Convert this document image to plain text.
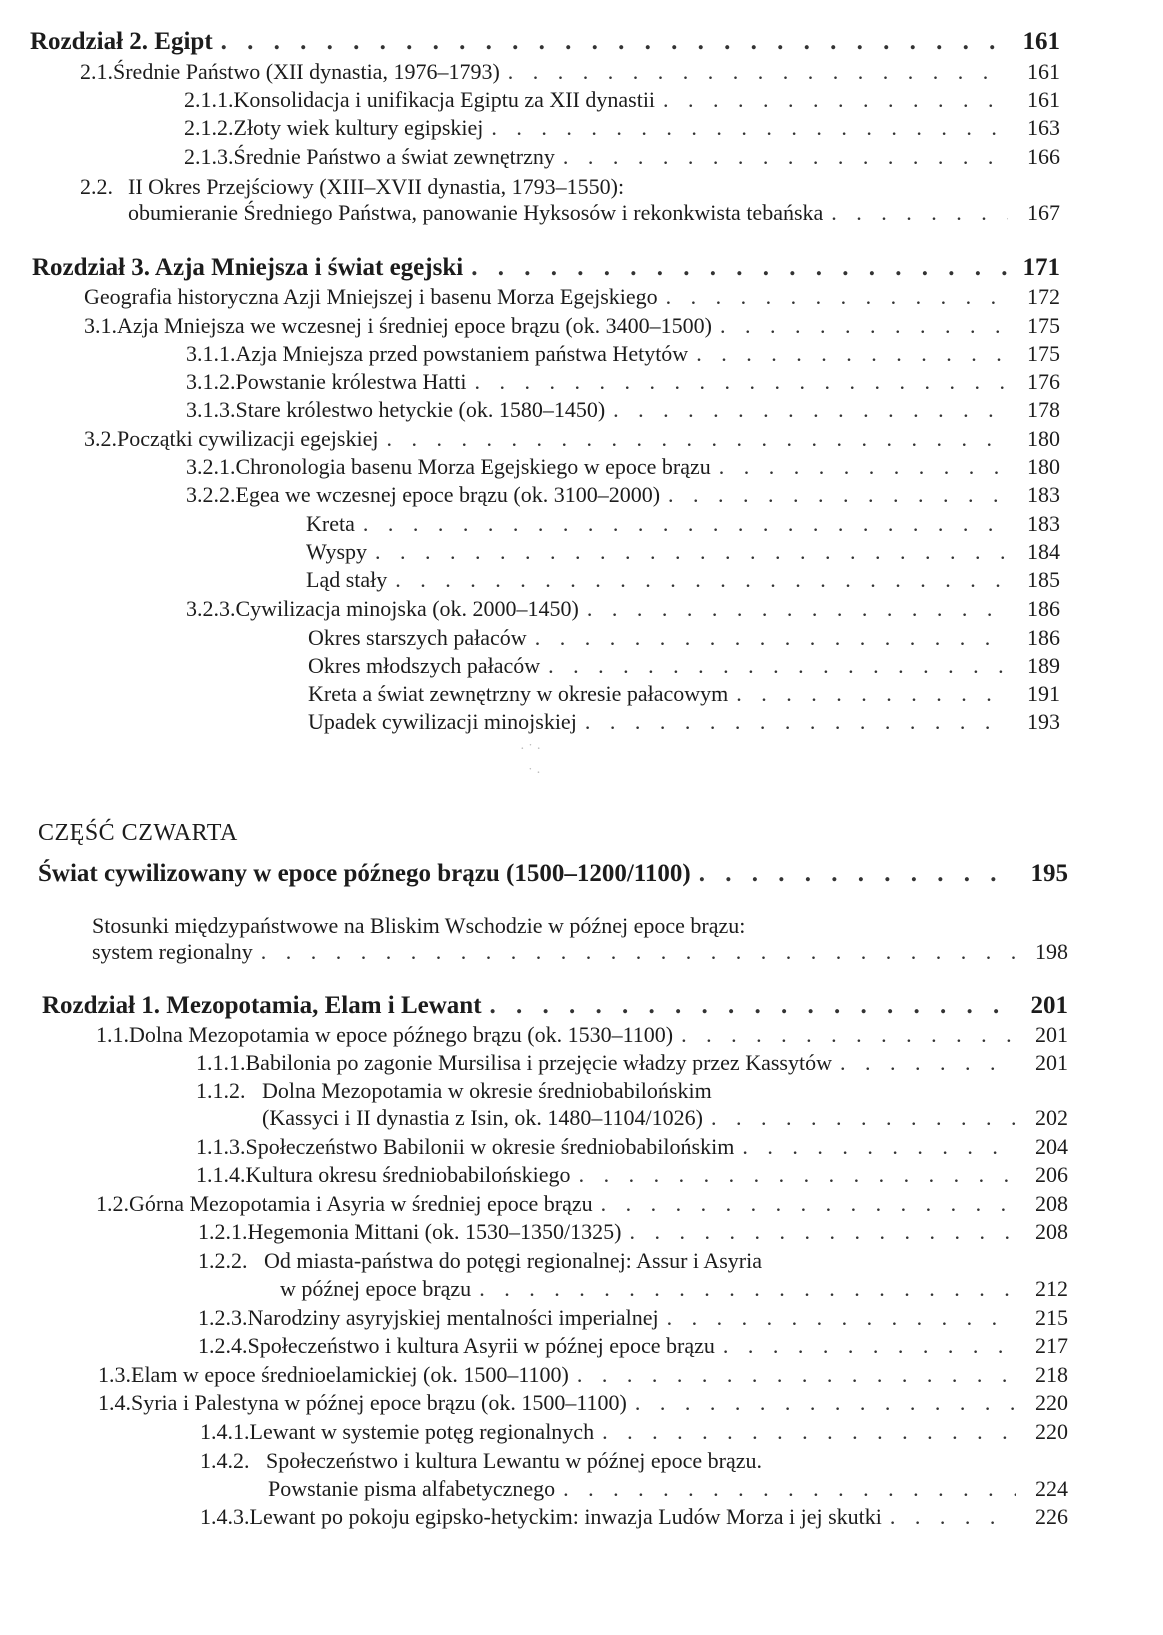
Rozdział 2. Egipt . . .	161
2.1. Średnie Państwo (XII dynastia, 1976–1793) . . .	161
2.1.1. Konsolidacja i unifikacja Egiptu za XII dynastii . . .	161
2.1.2. Złoty wiek kultury egipskiej . . .	163
2.1.3. Średnie Państwo a świat zewnętrzny . . .	166
2.2. II Okres Przejściowy (XIII–XVII dynastia, 1793–1550):
obumieranie Średniego Państwa, panowanie Hyksosów i rekonkwista tebańska . . .	167
Rozdział 3. Azja Mniejsza i świat egejski . . .	171
Geografia historyczna Azji Mniejszej i basenu Morza Egejskiego . . .	172
3.1. Azja Mniejsza we wczesnej i średniej epoce brązu (ok. 3400–1500) . . .	175
3.1.1. Azja Mniejsza przed powstaniem państwa Hetytów . . .	175
3.1.2. Powstanie królestwa Hatti . . .	176
3.1.3. Stare królestwo hetyckie (ok. 1580–1450) . . .	178
3.2. Początki cywilizacji egejskiej . . .	180
3.2.1. Chronologia basenu Morza Egejskiego w epoce brązu . . .	180
3.2.2. Egea we wczesnej epoce brązu (ok. 3100–2000) . . .	183
Kreta . . .	183
Wyspy . . .	184
Ląd stały . . .	185
3.2.3. Cywilizacja minojska (ok. 2000–1450) . . .	186
Okres starszych pałaców . . .	186
Okres młodszych pałaców . . .	189
Kreta a świat zewnętrzny w okresie pałacowym . . .	191
Upadek cywilizacji minojskiej . . .	193
· ˙ ·
˙ ·
CZĘŚĆ CZWARTA
Świat cywilizowany w epoce późnego brązu (1500–1200/1100) . . .	195
Stosunki międzypaństwowe na Bliskim Wschodzie w późnej epoce brązu:
system regionalny . . .	198
Rozdział 1. Mezopotamia, Elam i Lewant . . .	201
1.1. Dolna Mezopotamia w epoce późnego brązu (ok. 1530–1100) . . .	201
1.1.1. Babilonia po zagonie Mursilisa i przejęcie władzy przez Kassytów . . .	201
1.1.2. Dolna Mezopotamia w okresie średniobabilońskim
(Kassyci i II dynastia z Isin, ok. 1480–1104/1026) . . .	202
1.1.3. Społeczeństwo Babilonii w okresie średniobabilońskim . . .	204
1.1.4. Kultura okresu średniobabilońskiego . . .	206
1.2. Górna Mezopotamia i Asyria w średniej epoce brązu . . .	208
1.2.1. Hegemonia Mittani (ok. 1530–1350/1325) . . .	208
1.2.2. Od miasta-państwa do potęgi regionalnej: Assur i Asyria
w późnej epoce brązu . . .	212
1.2.3. Narodziny asyryjskiej mentalności imperialnej . . .	215
1.2.4. Społeczeństwo i kultura Asyrii w późnej epoce brązu . . .	217
1.3. Elam w epoce średnioelamickiej (ok. 1500–1100) . . .	218
1.4. Syria i Palestyna w późnej epoce brązu (ok. 1500–1100) . . .	220
1.4.1. Lewant w systemie potęg regionalnych . . .	220
1.4.2. Społeczeństwo i kultura Lewantu w późnej epoce brązu.
Powstanie pisma alfabetycznego . . .	224
1.4.3. Lewant po pokoju egipsko-hetyckim: inwazja Ludów Morza i jej skutki . . .	226
